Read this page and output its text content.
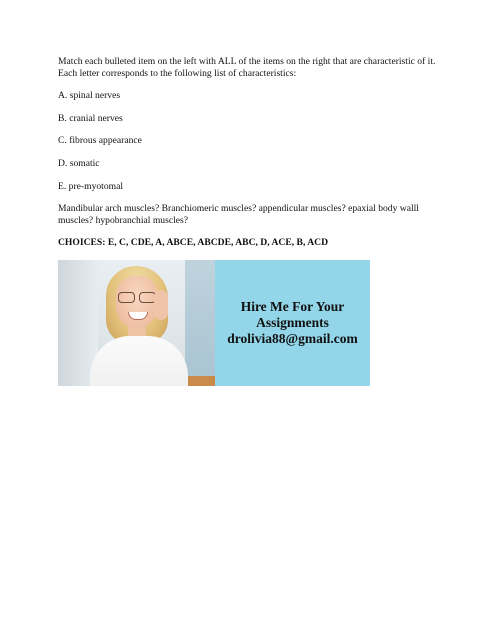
Match each bulleted item on the left with ALL of the items on the right that are characteristic of it. Each letter corresponds to the following list of characteristics:

A. spinal nerves

B. cranial nerves

C. fibrous appearance

D. somatic

E. pre-myotomal

Mandibular arch muscles? Branchiomeric muscles? appendicular muscles? epaxial body walll muscles? hypobranchial muscles?

CHOICES: E, C, CDE, A, ABCE, ABCDE, ABC, D, ACE, B, ACD

Hire Me For Your
Assignments
drolivia88@gmail.com
